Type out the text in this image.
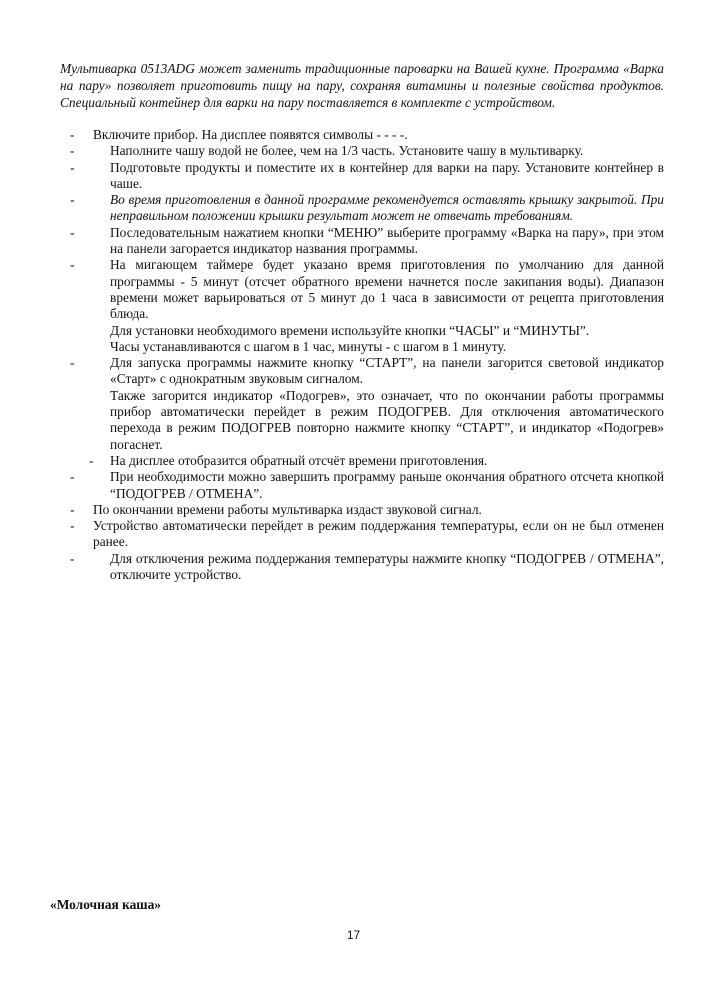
Мультиварка 0513ADG может заменить традиционные пароварки на Вашей кухне. Программа «Варка на пару» позволяет приготовить пищу на пару, сохраняя витамины и полезные свойства продуктов. Специальный контейнер для варки на пару поставляется в комплекте с устройством.

- Включите прибор. На дисплее появятся символы - - - -.
- Наполните чашу водой не более, чем на 1/3 часть. Установите чашу в мультиварку.
- Подготовьте продукты и поместите их в контейнер для варки на пару. Установите контейнер в чаше.
- Во время приготовления в данной программе рекомендуется оставлять крышку закрытой. При неправильном положении крышки результат может не отвечать требованиям.
- Последовательным нажатием кнопки “МЕНЮ” выберите программу «Варка на пару», при этом на панели загорается индикатор названия программы.
- На мигающем таймере будет указано время приготовления по умолчанию для данной программы - 5 минут (отсчет обратного времени начнется после закипания воды). Диапазон времени может варьироваться от 5 минут до 1 часа в зависимости от рецепта приготовления блюда.
Для установки необходимого времени используйте кнопки “ЧАСЫ” и “МИНУТЫ”.
Часы устанавливаются с шагом в 1 час, минуты - с шагом в 1 минуту.
- Для запуска программы нажмите кнопку “СТАРТ”, на панели загорится световой индикатор «Старт» с однократным звуковым сигналом.
Также загорится индикатор «Подогрев», это означает, что по окончании работы программы прибор автоматически перейдет в режим ПОДОГРЕВ. Для отключения автоматического перехода в режим ПОДОГРЕВ повторно нажмите кнопку “СТАРТ”, и индикатор «Подогрев» погаснет.
- На дисплее отобразится обратный отсчёт времени приготовления.
- При необходимости можно завершить программу раньше окончания обратного отсчета кнопкой “ПОДОГРЕВ / ОТМЕНА”.
- По окончании времени работы мультиварка издаст звуковой сигнал.
- Устройство автоматически перейдет в режим поддержания температуры, если он не был отменен ранее.
- Для отключения режима поддержания температуры нажмите кнопку “ПОДОГРЕВ / ОТМЕНА”, отключите устройство.

«Молочная каша»

17
